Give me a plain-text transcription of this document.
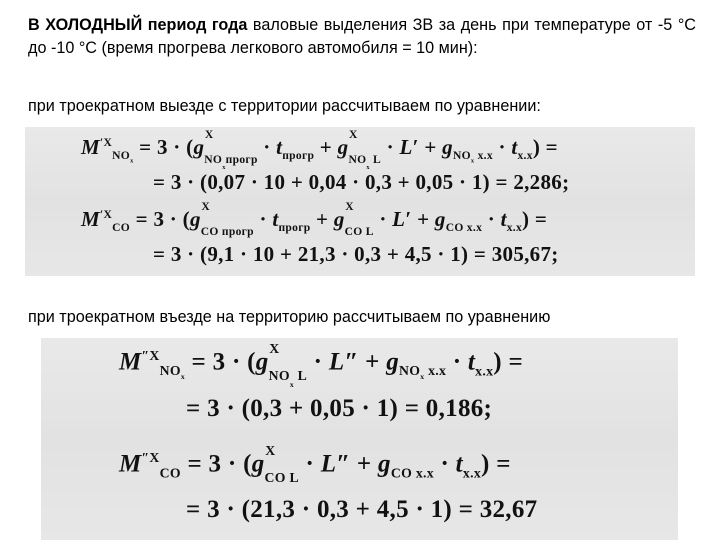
В ХОЛОДНЫЙ период года валовые выделения ЗВ за день при температуре от -5 °С до -10 °С (время прогрева легкового автомобиля = 10 мин):
при троекратном выезде с территории рассчитываем по уравнении:
$M^{'X}_{NO_x} = 3 \cdot (g$
X
$_{NO_xпрогр} \cdot t_{прогр} + g$
X
$_{NO_x L} \cdot L' + g_{NO_x х.х} \cdot t_{х.х}$) =
= 3 · (0,07 · 10 + 0,04 · 0,3 + 0,05 · 1) = 2,286;
$M^{'X}_{CO} = 3 \cdot (g$
X
$_{CO прогр} \cdot t_{прогр} + g$
X
$_{CO L} \cdot L' + g_{CO х.х} \cdot t_{х.х}$) =
= 3 · (9,1 · 10 + 21,3 · 0,3 + 4,5 · 1) = 305,67;
при троекратном въезде на территорию рассчитываем по уравнению
$M^{''X}_{NO_x} = 3 \cdot (g$
X
$_{NO_x L} \cdot L'' + g_{NO_x х.х} \cdot t_{х.х}$) =
= 3 · (0,3 + 0,05 · 1) = 0,186;
$M^{''X}_{CO} = 3 \cdot (g$
X
$_{CO L} \cdot L'' + g_{CO х.х} \cdot t_{х.х}$) =
= 3 · (21,3 · 0,3 + 4,5 · 1) = 32,67
